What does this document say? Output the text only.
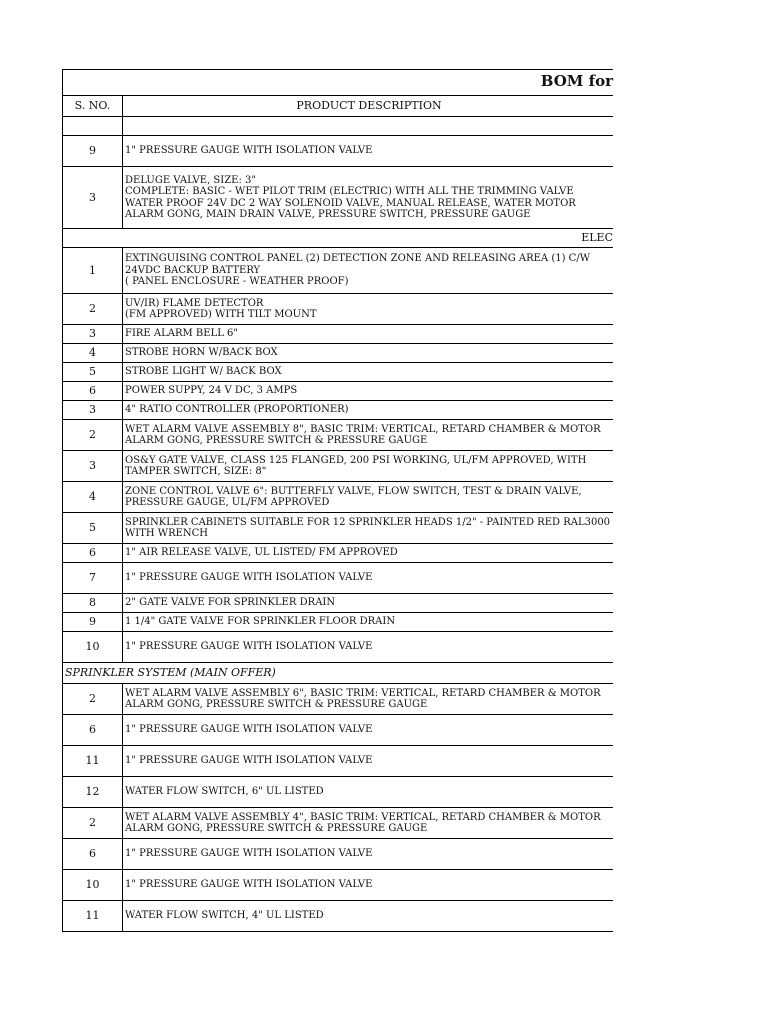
BOM for
S. NO.	PRODUCT DESCRIPTION

9	1" PRESSURE GAUGE WITH ISOLATION VALVE
3	DELUGE VALVE, SIZE: 3"
COMPLETE: BASIC - WET PILOT TRIM (ELECTRIC) WITH ALL THE TRIMMING VALVE WATER PROOF 24V DC 2 WAY SOLENOID VALVE, MANUAL RELEASE, WATER MOTOR ALARM GONG, MAIN DRAIN VALVE, PRESSURE SWITCH, PRESSURE GAUGE
ELEC	
1	EXTINGUISING CONTROL PANEL (2) DETECTION ZONE AND RELEASING AREA (1) C/W 24VDC BACKUP BATTERY
( PANEL ENCLOSURE - WEATHER PROOF)
2	UV/IR) FLAME DETECTOR
(FM APPROVED) WITH TILT MOUNT
3	FIRE ALARM BELL 6"
4	STROBE HORN W/BACK BOX
5	STROBE LIGHT W/ BACK BOX
6	POWER SUPPY, 24 V DC, 3 AMPS
3	4" RATIO CONTROLLER (PROPORTIONER)
2	WET ALARM VALVE ASSEMBLY 8", BASIC TRIM: VERTICAL, RETARD CHAMBER & MOTOR ALARM GONG, PRESSURE SWITCH & PRESSURE GAUGE
3	OS&Y GATE VALVE, CLASS 125 FLANGED, 200 PSI WORKING, UL/FM APPROVED, WITH TAMPER SWITCH, SIZE: 8"
4	ZONE CONTROL VALVE 6": BUTTERFLY VALVE, FLOW SWITCH, TEST & DRAIN VALVE, PRESSURE GAUGE, UL/FM APPROVED
5	SPRINKLER CABINETS SUITABLE FOR 12 SPRINKLER HEADS 1/2" - PAINTED RED RAL3000 WITH WRENCH
6	1" AIR RELEASE VALVE, UL LISTED/ FM APPROVED
7	1" PRESSURE GAUGE WITH ISOLATION VALVE
8	2" GATE VALVE FOR SPRINKLER DRAIN
9	1 1/4" GATE VALVE FOR SPRINKLER FLOOR DRAIN
10	1" PRESSURE GAUGE WITH ISOLATION VALVE
SPRINKLER SYSTEM (MAIN OFFER)
2	WET ALARM VALVE ASSEMBLY 6", BASIC TRIM: VERTICAL, RETARD CHAMBER & MOTOR ALARM GONG, PRESSURE SWITCH & PRESSURE GAUGE
6	1" PRESSURE GAUGE WITH ISOLATION VALVE
11	1" PRESSURE GAUGE WITH ISOLATION VALVE
12	WATER FLOW SWITCH, 6" UL LISTED
2	WET ALARM VALVE ASSEMBLY 4", BASIC TRIM: VERTICAL, RETARD CHAMBER & MOTOR ALARM GONG, PRESSURE SWITCH & PRESSURE GAUGE
6	1" PRESSURE GAUGE WITH ISOLATION VALVE
10	1" PRESSURE GAUGE WITH ISOLATION VALVE
11	WATER FLOW SWITCH, 4" UL LISTED
